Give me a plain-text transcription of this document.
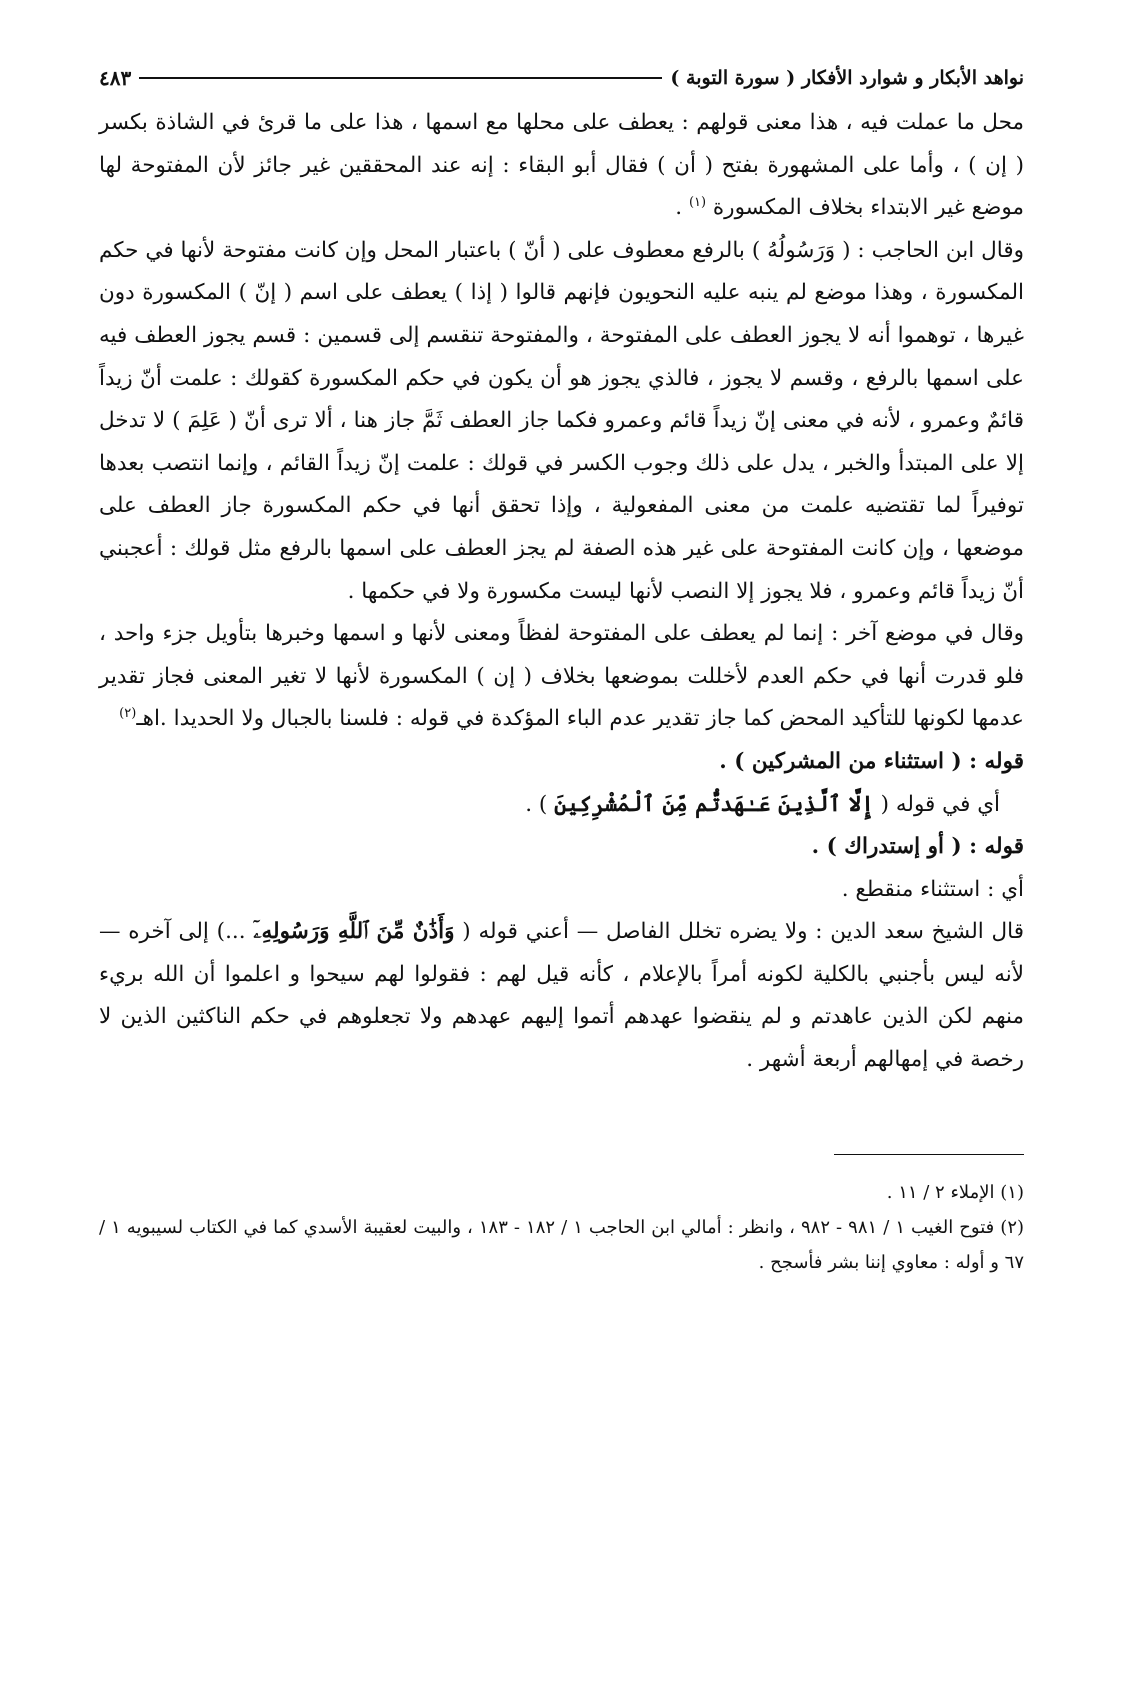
نواهد الأبكار و شوارد الأفكار ( سورة التوبة )
٤٨٣

محل ما عملت فيه ، هذا معنى قولهم : يعطف على محلها مع اسمها ، هذا على ما قرئ في الشاذة بكسر ( إن ) ، وأما على المشهورة بفتح ( أن ) فقال أبو البقاء : إنه عند المحققين غير جائز لأن المفتوحة لها موضع غير الابتداء بخلاف المكسورة $^{(١)}$ .

وقال ابن الحاجب : ( وَرَسُولُهُ ) بالرفع معطوف على ( أنّ ) باعتبار المحل وإن كانت مفتوحة لأنها في حكم المكسورة ، وهذا موضع لم ينبه عليه النحويون فإنهم قالوا ( إذا ) يعطف على اسم ( إنّ ) المكسورة دون غيرها ، توهموا أنه لا يجوز العطف على المفتوحة ، والمفتوحة تنقسم إلى قسمين : قسم يجوز العطف فيه على اسمها بالرفع ، وقسم لا يجوز ، فالذي يجوز هو أن يكون في حكم المكسورة كقولك : علمت أنّ زيداً قائمٌ وعمرو ، لأنه في معنى إنّ زيداً قائم وعمرو فكما جاز العطف ثَمَّ جاز هنا ، ألا ترى أنّ ( عَلِمَ ) لا تدخل إلا على المبتدأ والخبر ، يدل على ذلك وجوب الكسر في قولك : علمت إنّ زيداً القائم ، وإنما انتصب بعدها توفيراً لما تقتضيه علمت من معنى المفعولية ، وإذا تحقق أنها في حكم المكسورة جاز العطف على موضعها ، وإن كانت المفتوحة على غير هذه الصفة لم يجز العطف على اسمها بالرفع مثل قولك : أعجبني أنّ زيداً قائم وعمرو ، فلا يجوز إلا النصب لأنها ليست مكسورة ولا في حكمها .

وقال في موضع آخر : إنما لم يعطف على المفتوحة لفظاً ومعنى لأنها و اسمها وخبرها بتأويل جزء واحد ، فلو قدرت أنها في حكم العدم لأخللت بموضعها بخلاف ( إن ) المكسورة لأنها لا تغير المعنى فجاز تقدير عدمها لكونها للتأكيد المحض كما جاز تقدير عدم الباء المؤكدة في قوله : فلسنا بالجبال ولا الحديدا .اهـ$^{(٢)}$

قوله : ( استثناء من المشركين ) .

أي في قوله ( إِلَّا ٱلَّذِينَ عَـٰهَدتُّم مِّنَ ٱلْمُشْرِكِينَ ) .

قوله : ( أو إستدراك ) .

أي : استثناء منقطع .

قال الشيخ سعد الدين : ولا يضره تخلل الفاصل — أعني قوله ( وَأَذَٰنٌ مِّنَ ٱللَّهِ وَرَسُولِهِۦٓ ...) إلى آخره — لأنه ليس بأجنبي بالكلية لكونه أمراً بالإعلام ، كأنه قيل لهم : فقولوا لهم سيحوا و اعلموا أن الله بريء منهم لكن الذين عاهدتم و لم ينقضوا عهدهم أتموا إليهم عهدهم ولا تجعلوهم في حكم الناكثين الذين لا رخصة في إمهالهم أربعة أشهر .

(١) الإملاء ٢ / ١١ .

(٢) فتوح الغيب ١ / ٩٨١ - ٩٨٢ ، وانظر : أمالي ابن الحاجب ١ / ١٨٢ - ١٨٣ ، والبيت لعقيبة الأسدي كما في الكتاب لسيبويه ١ / ٦٧ و أوله : معاوي إننا بشر فأسجح .
